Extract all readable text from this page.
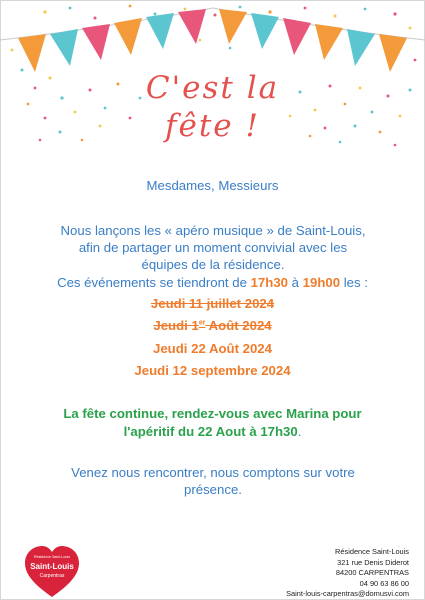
C'est la
fête !
Mesdames, Messieurs
Nous lançons les « apéro musique » de Saint-Louis, afin de partager un moment convivial avec les équipes de la résidence.
Ces événements se tiendront de 17h30 à 19h00 les :
Jeudi 11 juillet 2024
Jeudi 1er Août 2024
Jeudi 22 Août 2024
Jeudi 12 septembre 2024
La fête continue, rendez-vous avec Marina pour l'apéritif du 22 Aout à 17h30.
Venez nous rencontrer, nous comptons sur votre présence.
Résidence Saint-Louis
Saint-Louis
Carpentras
Résidence Saint-Louis
321 rue Denis Diderot
84200 CARPENTRAS
04 90 63 86 00
Saint-louis-carpentras@domusvi.com
